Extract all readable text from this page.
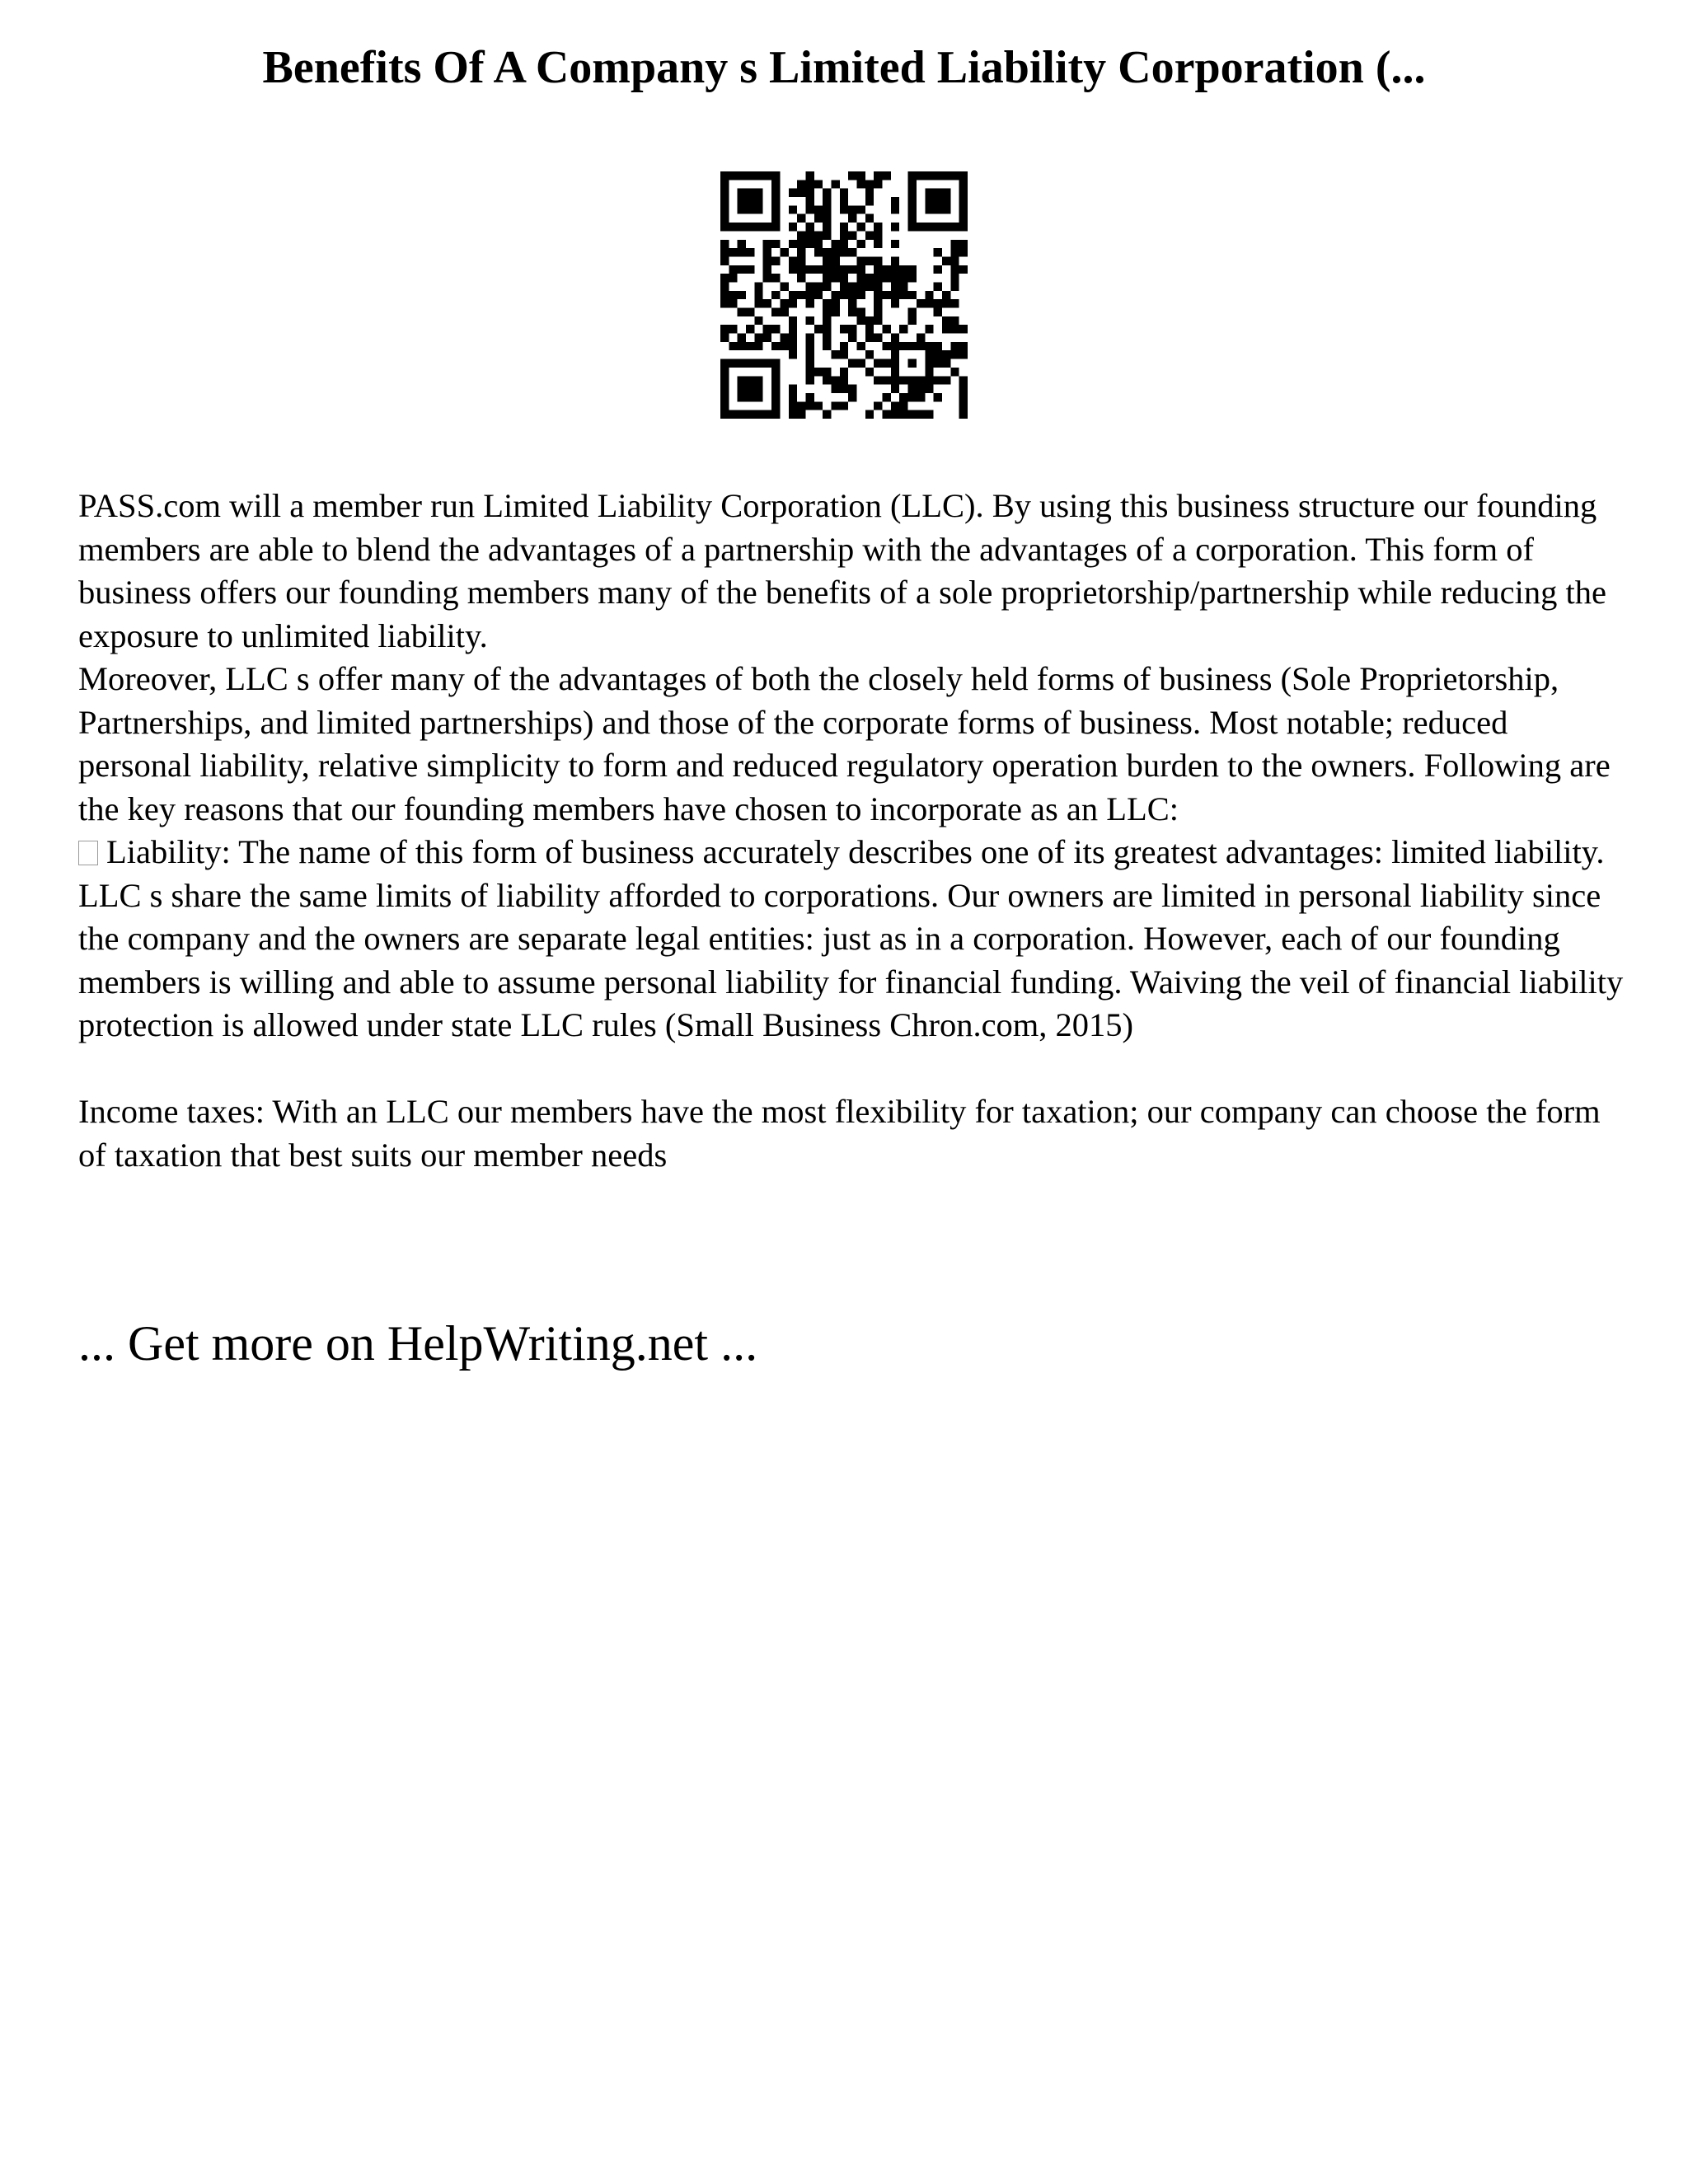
Benefits Of A Company s Limited Liability Corporation (...

PASS.com will a member run Limited Liability Corporation (LLC). By using this business structure our founding members are able to blend the advantages of a partnership with the advantages of a corporation. This form of business offers our founding members many of the benefits of a sole proprietorship/partnership while reducing the exposure to unlimited liability.

Moreover, LLC s offer many of the advantages of both the closely held forms of business (Sole Proprietorship, Partnerships, and limited partnerships) and those of the corporate forms of business. Most notable; reduced personal liability, relative simplicity to form and reduced regulatory operation burden to the owners. Following are the key reasons that our founding members have chosen to incorporate as an LLC:

Liability: The name of this form of business accurately describes one of its greatest advantages: limited liability. LLC s share the same limits of liability afforded to corporations. Our owners are limited in personal liability since the company and the owners are separate legal entities: just as in a corporation. However, each of our founding members is willing and able to assume personal liability for financial funding. Waiving the veil of financial liability protection is allowed under state LLC rules (Small Business Chron.com, 2015)

Income taxes: With an LLC our members have the most flexibility for taxation; our company can choose the form of taxation that best suits our member needs

... Get more on HelpWriting.net ...
